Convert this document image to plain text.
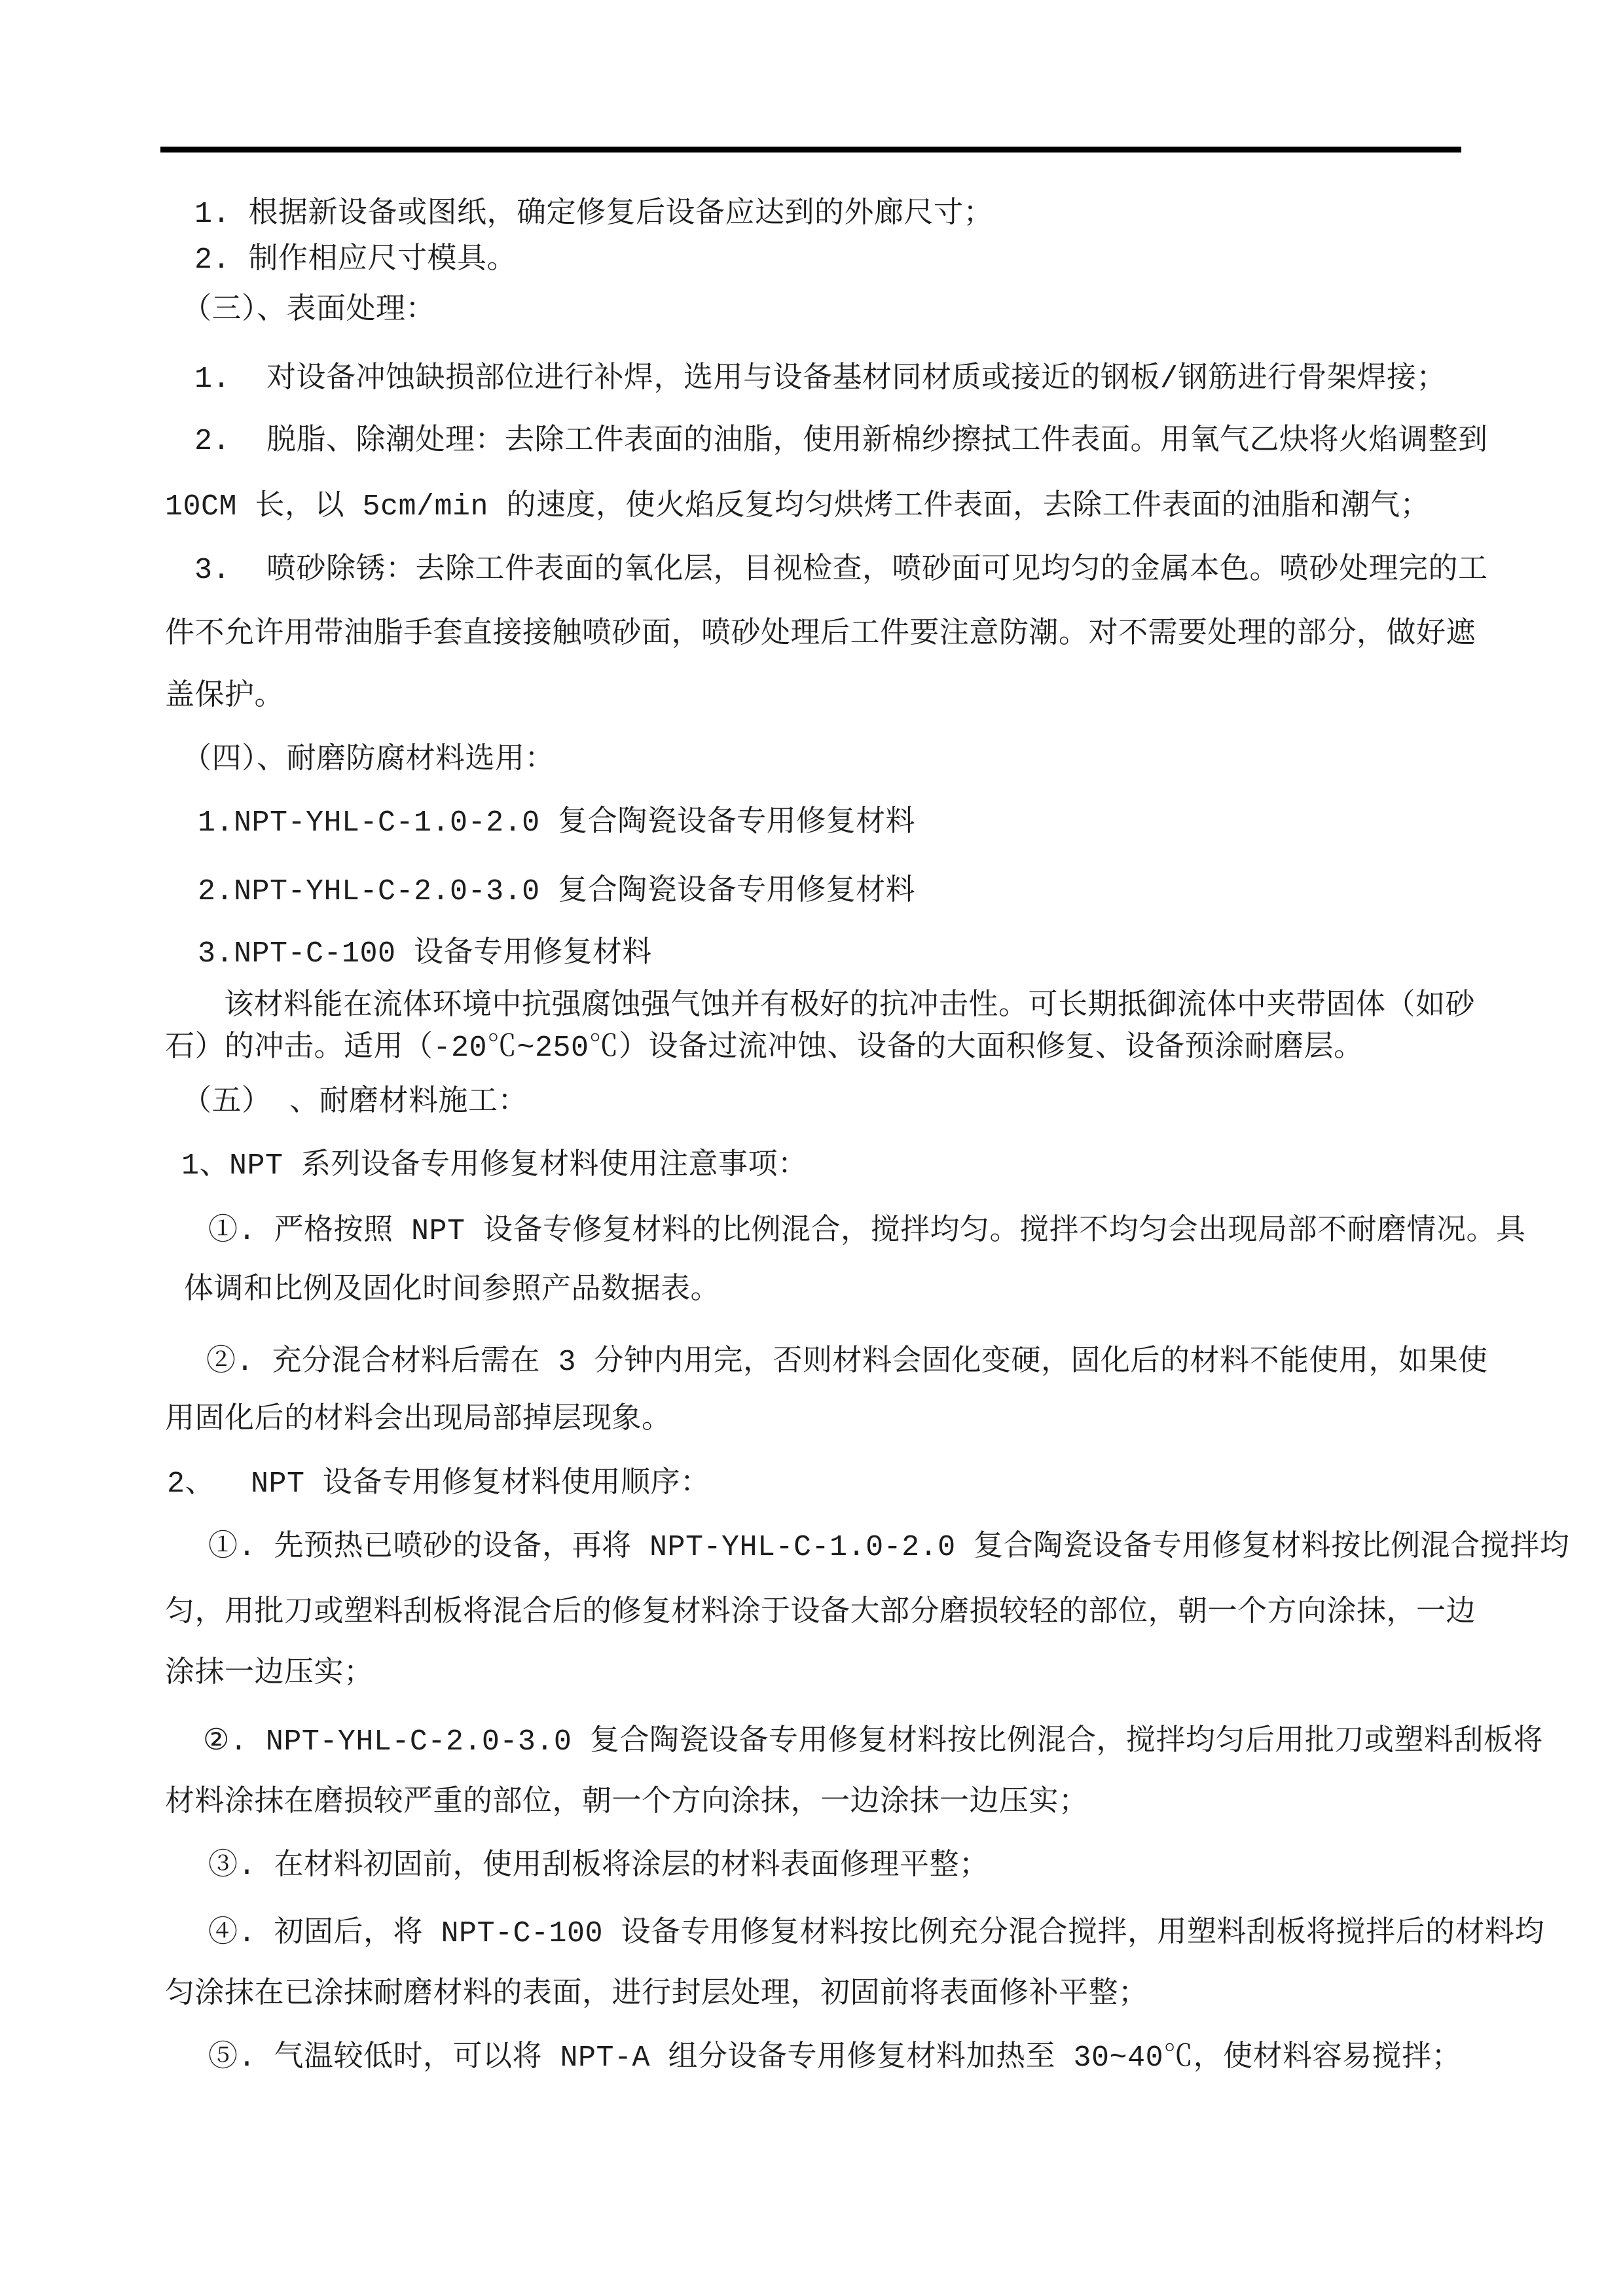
1. 根据新设备或图纸，确定修复后设备应达到的外廊尺寸；
2. 制作相应尺寸模具。
（三）、表面处理：
1.  对设备冲蚀缺损部位进行补焊，选用与设备基材同材质或接近的钢板/钢筋进行骨架焊接；
2.  脱脂、除潮处理：去除工件表面的油脂，使用新棉纱擦拭工件表面。用氧气乙炔将火焰调整到
10CM 长，以 5cm/min 的速度，使火焰反复均匀烘烤工件表面，去除工件表面的油脂和潮气；
3.  喷砂除锈：去除工件表面的氧化层，目视检查，喷砂面可见均匀的金属本色。喷砂处理完的工
件不允许用带油脂手套直接接触喷砂面，喷砂处理后工件要注意防潮。对不需要处理的部分，做好遮
盖保护。
（四）、耐磨防腐材料选用：
1.NPT-YHL-C-1.0-2.0 复合陶瓷设备专用修复材料
2.NPT-YHL-C-2.0-3.0 复合陶瓷设备专用修复材料
3.NPT-C-100 设备专用修复材料
该材料能在流体环境中抗强腐蚀强气蚀并有极好的抗冲击性。可长期抵御流体中夹带固体（如砂
石）的冲击。适用（-20℃~250℃）设备过流冲蚀、设备的大面积修复、设备预涂耐磨层。
（五） 、耐磨材料施工：
1、NPT 系列设备专用修复材料使用注意事项：
①. 严格按照 NPT 设备专修复材料的比例混合，搅拌均匀。搅拌不均匀会出现局部不耐磨情况。具
体调和比例及固化时间参照产品数据表。
②. 充分混合材料后需在 3 分钟内用完，否则材料会固化变硬，固化后的材料不能使用，如果使
用固化后的材料会出现局部掉层现象。
2、  NPT 设备专用修复材料使用顺序：
①. 先预热已喷砂的设备，再将 NPT-YHL-C-1.0-2.0 复合陶瓷设备专用修复材料按比例混合搅拌均
匀，用批刀或塑料刮板将混合后的修复材料涂于设备大部分磨损较轻的部位，朝一个方向涂抹，一边
涂抹一边压实；
②. NPT-YHL-C-2.0-3.0 复合陶瓷设备专用修复材料按比例混合，搅拌均匀后用批刀或塑料刮板将
材料涂抹在磨损较严重的部位，朝一个方向涂抹，一边涂抹一边压实；
③. 在材料初固前，使用刮板将涂层的材料表面修理平整；
④. 初固后，将 NPT-C-100 设备专用修复材料按比例充分混合搅拌，用塑料刮板将搅拌后的材料均
匀涂抹在已涂抹耐磨材料的表面，进行封层处理，初固前将表面修补平整；
⑤. 气温较低时，可以将 NPT-A 组分设备专用修复材料加热至 30~40℃，使材料容易搅拌；
